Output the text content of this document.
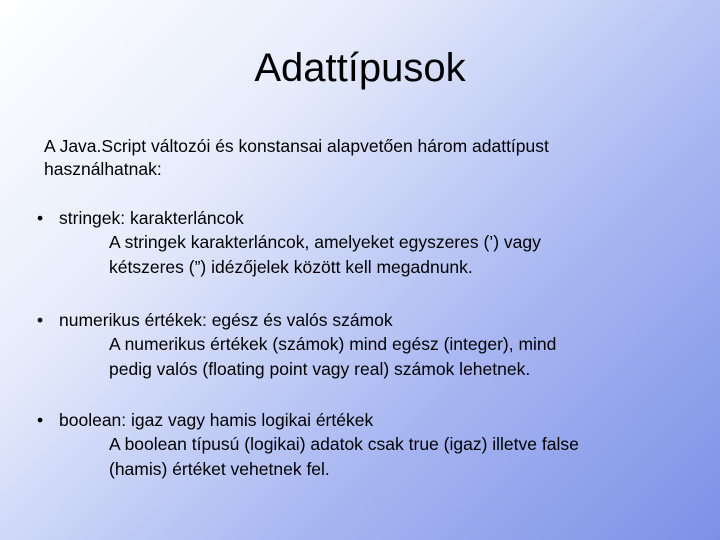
Adattípusok
A Java.Script változói és konstansai alapvetően három adattípust
használhatnak:
• stringek: karakterláncok
A stringek karakterláncok, amelyeket egyszeres (’) vagy
kétszeres (”) idézőjelek között kell megadnunk.
• numerikus értékek: egész és valós számok
A numerikus értékek (számok) mind egész (integer), mind
pedig valós (floating point vagy real) számok lehetnek.
• boolean: igaz vagy hamis logikai értékek
A boolean típusú (logikai) adatok csak true (igaz) illetve false
(hamis) értéket vehetnek fel.
